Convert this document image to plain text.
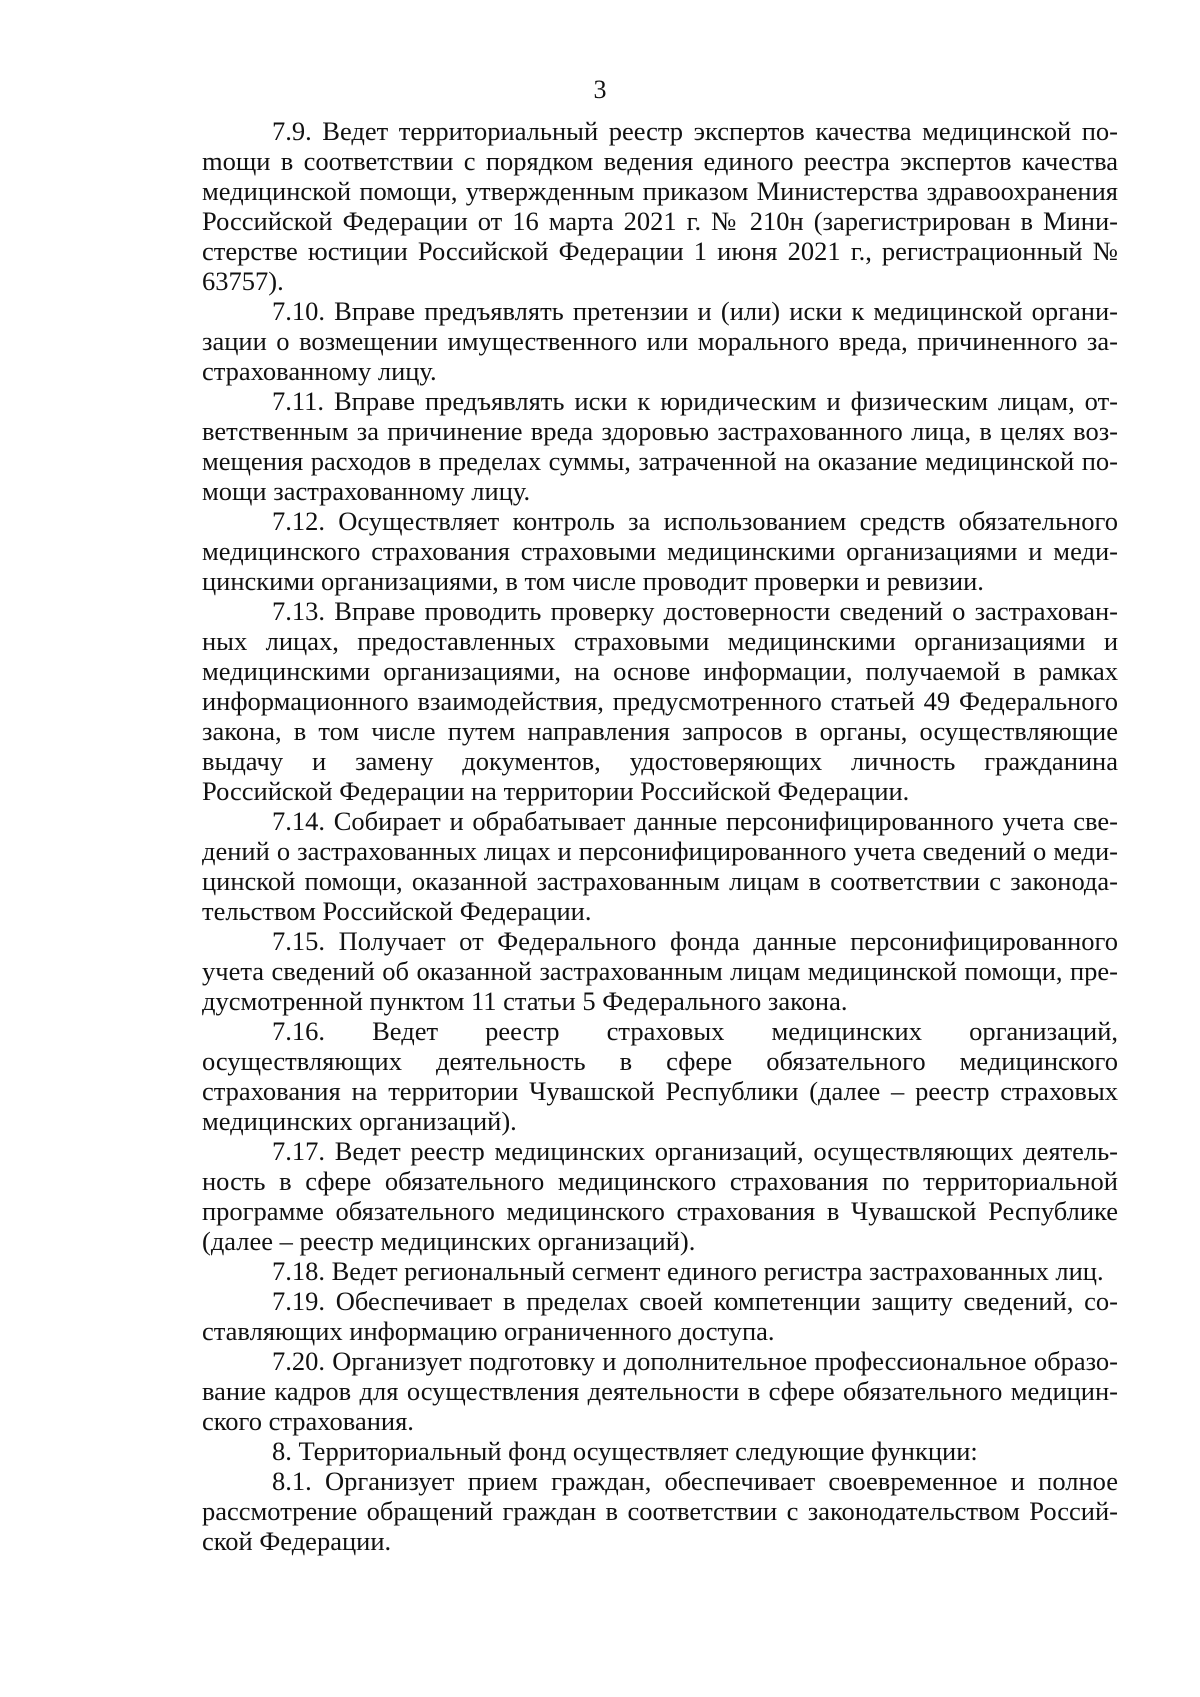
3

7.9. Ведет территориальный реестр экспертов качества медицинской поmощи в соответствии с порядком ведения единого реестра экспертов качества медицинской помощи, утвержденным приказом Министерства здравоохранения Российской Федерации от 16 марта 2021 г. № 210н (зарегистрирован в Министерстве юстиции Российской Федерации 1 июня 2021 г., регистрационный № 63757).

7.10. Вправе предъявлять претензии и (или) иски к медицинской организации о возмещении имущественного или морального вреда, причиненного застрахованному лицу.

7.11. Вправе предъявлять иски к юридическим и физическим лицам, ответственным за причинение вреда здоровью застрахованного лица, в целях возмещения расходов в пределах суммы, затраченной на оказание медицинской помощи застрахованному лицу.

7.12. Осуществляет контроль за использованием средств обязательного медицинского страхования страховыми медицинскими организациями и медицинскими организациями, в том числе проводит проверки и ревизии.

7.13. Вправе проводить проверку достоверности сведений о застрахованных лицах, предоставленных страховыми медицинскими организациями и медицинскими организациями, на основе информации, получаемой в рамках информационного взаимодействия, предусмотренного статьей 49 Федерального закона, в том числе путем направления запросов в органы, осуществляющие выдачу и замену документов, удостоверяющих личность гражданина Российской Федерации на территории Российской Федерации.

7.14. Собирает и обрабатывает данные персонифицированного учета сведений о застрахованных лицах и персонифицированного учета сведений о медицинской помощи, оказанной застрахованным лицам в соответствии с законодательством Российской Федерации.

7.15. Получает от Федерального фонда данные персонифицированного учета сведений об оказанной застрахованным лицам медицинской помощи, предусмотренной пунктом 11 статьи 5 Федерального закона.

7.16. Ведет реестр страховых медицинских организаций, осуществляющих деятельность в сфере обязательного медицинского страхования на территории Чувашской Республики (далее – реестр страховых медицинских организаций).

7.17. Ведет реестр медицинских организаций, осуществляющих деятельность в сфере обязательного медицинского страхования по территориальной программе обязательного медицинского страхования в Чувашской Республике (далее – реестр медицинских организаций).

7.18. Ведет региональный сегмент единого регистра застрахованных лиц.

7.19. Обеспечивает в пределах своей компетенции защиту сведений, составляющих информацию ограниченного доступа.

7.20. Организует подготовку и дополнительное профессиональное образование кадров для осуществления деятельности в сфере обязательного медицинского страхования.

8. Территориальный фонд осуществляет следующие функции:

8.1. Организует прием граждан, обеспечивает своевременное и полное рассмотрение обращений граждан в соответствии с законодательством Российской Федерации.
